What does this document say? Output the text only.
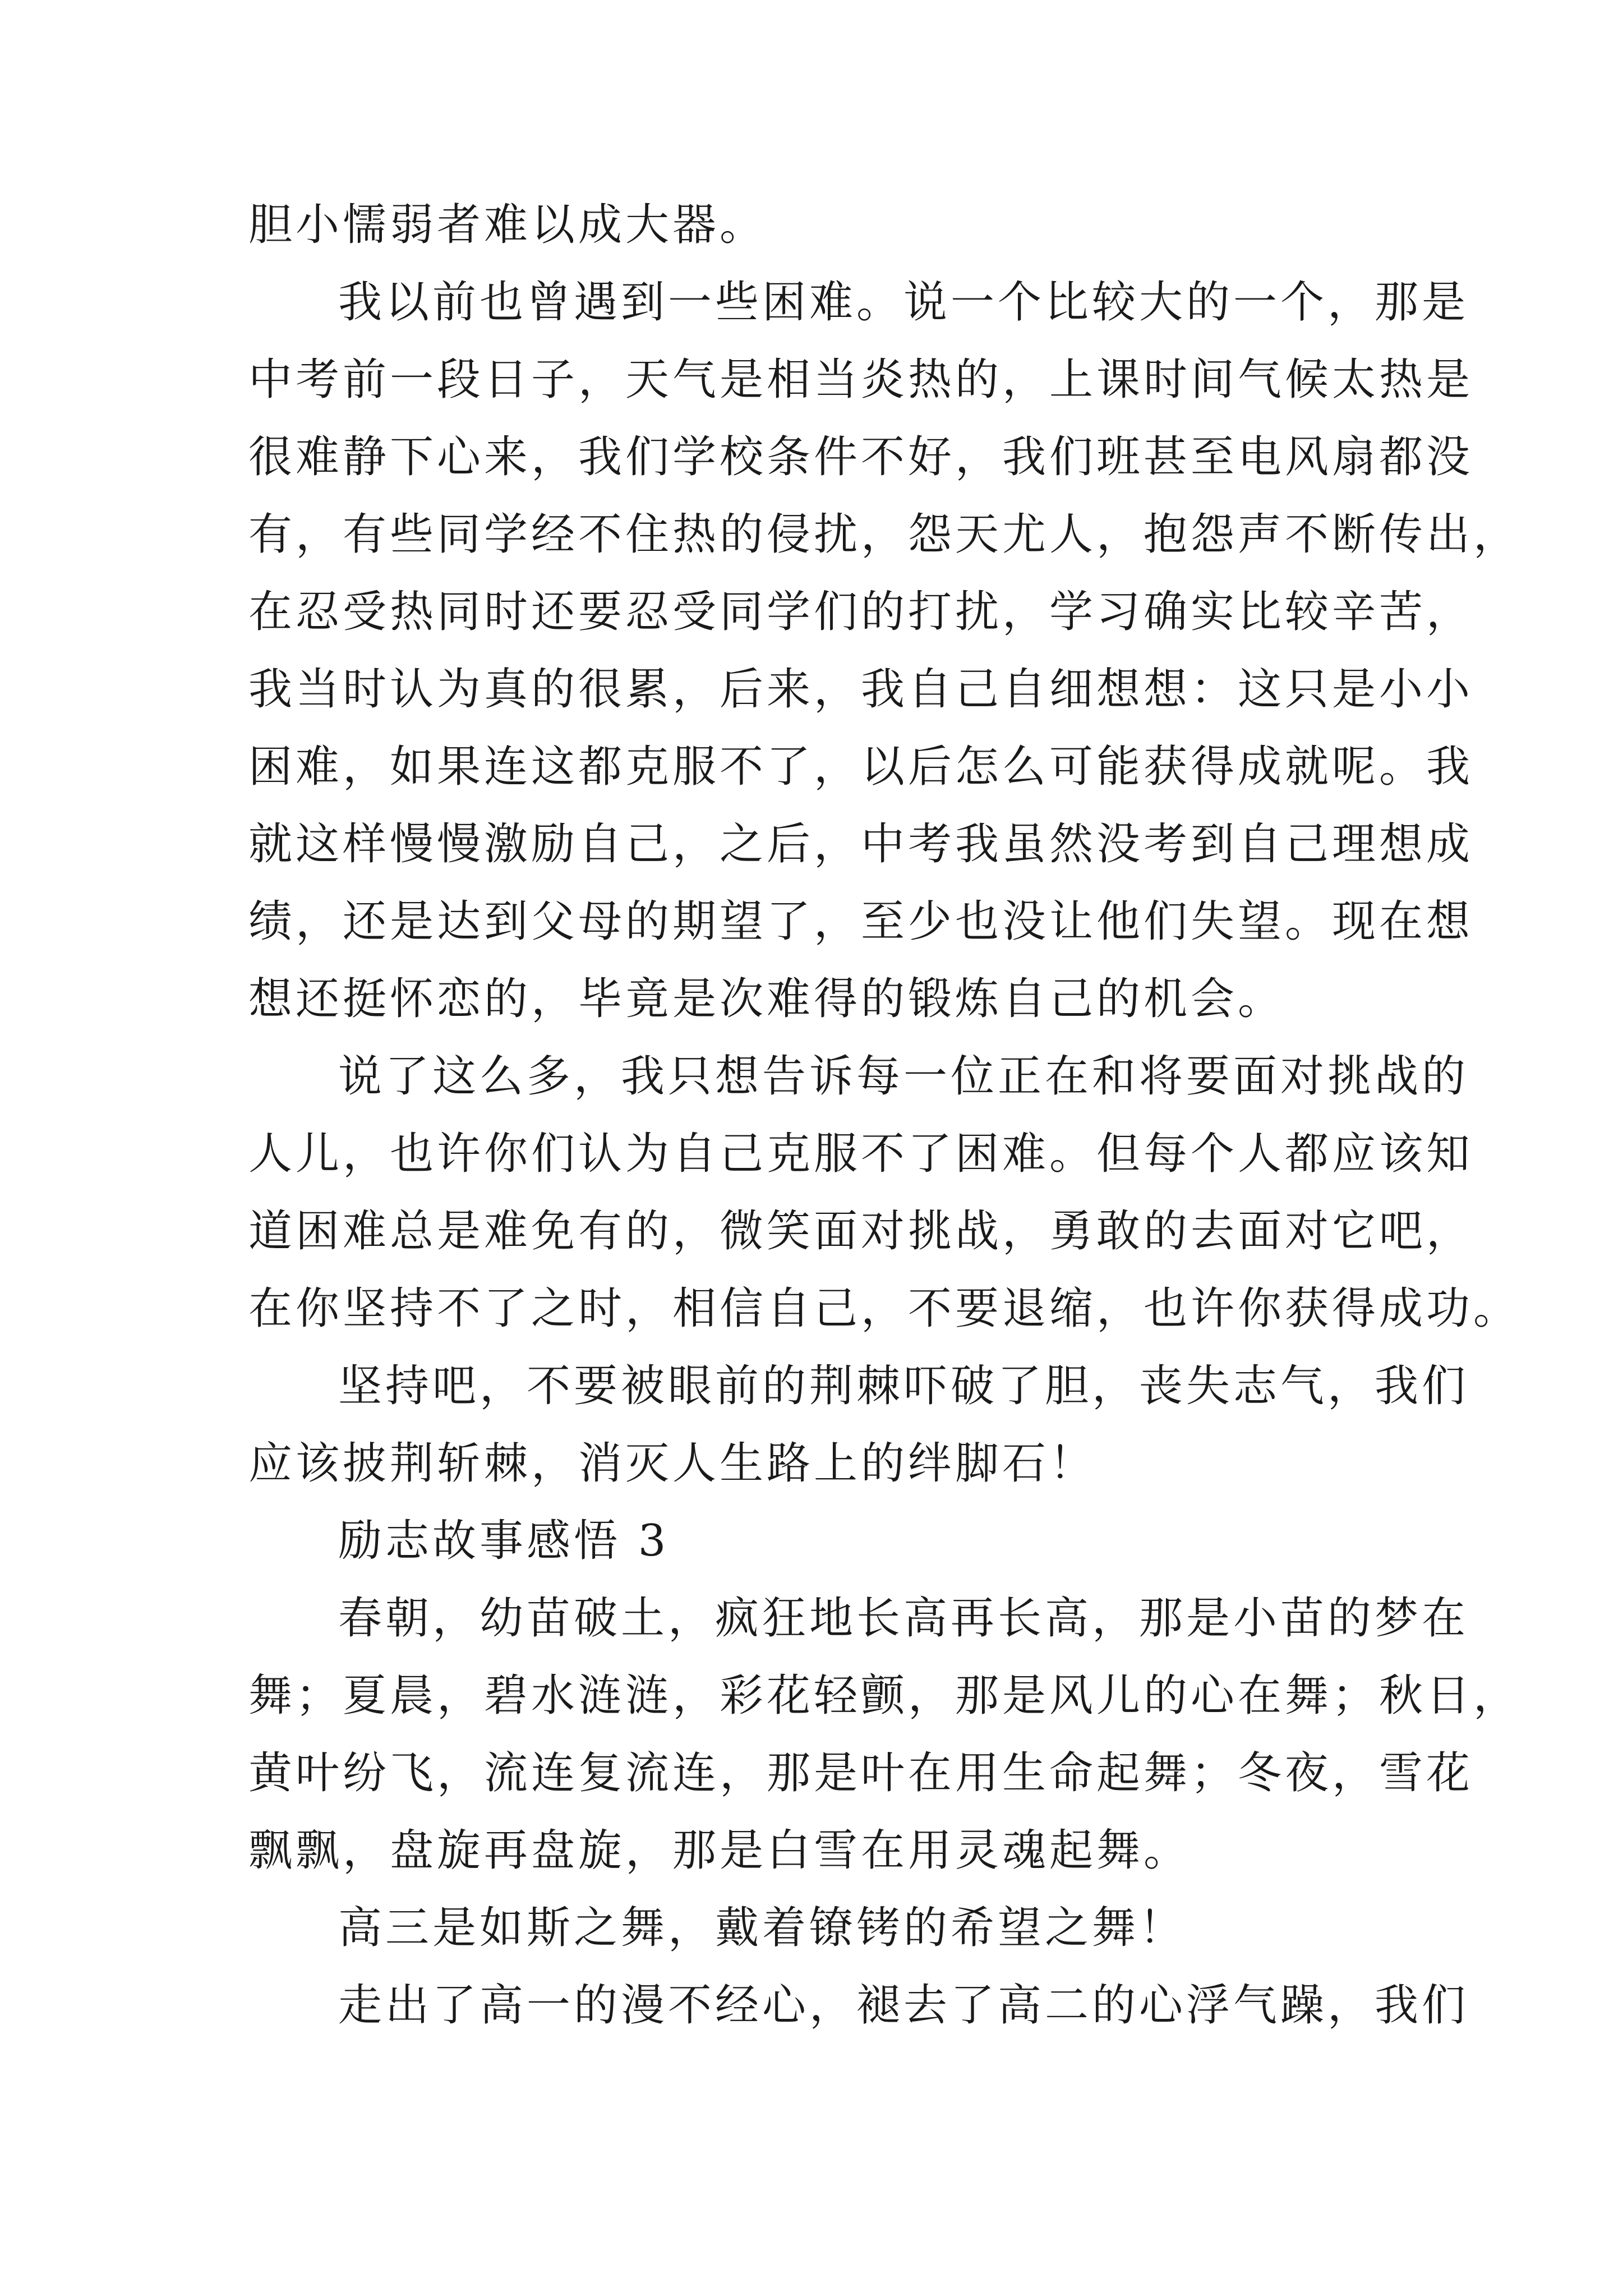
胆小懦弱者难以成大器。
我以前也曾遇到一些困难。说一个比较大的一个，那是
中考前一段日子，天气是相当炎热的，上课时间气候太热是
很难静下心来，我们学校条件不好，我们班甚至电风扇都没
有，有些同学经不住热的侵扰，怨天尤人，抱怨声不断传出，
在忍受热同时还要忍受同学们的打扰，学习确实比较辛苦，
我当时认为真的很累，后来，我自己自细想想：这只是小小
困难，如果连这都克服不了，以后怎么可能获得成就呢。我
就这样慢慢激励自己，之后，中考我虽然没考到自己理想成
绩，还是达到父母的期望了，至少也没让他们失望。现在想
想还挺怀恋的，毕竟是次难得的锻炼自己的机会。
说了这么多，我只想告诉每一位正在和将要面对挑战的
人儿，也许你们认为自己克服不了困难。但每个人都应该知
道困难总是难免有的，微笑面对挑战，勇敢的去面对它吧，
在你坚持不了之时，相信自己，不要退缩，也许你获得成功。
坚持吧，不要被眼前的荆棘吓破了胆，丧失志气，我们
应该披荆斩棘，消灭人生路上的绊脚石！
励志故事感悟 3
春朝，幼苗破土，疯狂地长高再长高，那是小苗的梦在
舞；夏晨，碧水涟涟，彩花轻颤，那是风儿的心在舞；秋日，
黄叶纷飞，流连复流连，那是叶在用生命起舞；冬夜，雪花
飘飘，盘旋再盘旋，那是白雪在用灵魂起舞。
高三是如斯之舞，戴着镣铐的希望之舞！
走出了高一的漫不经心，褪去了高二的心浮气躁，我们
